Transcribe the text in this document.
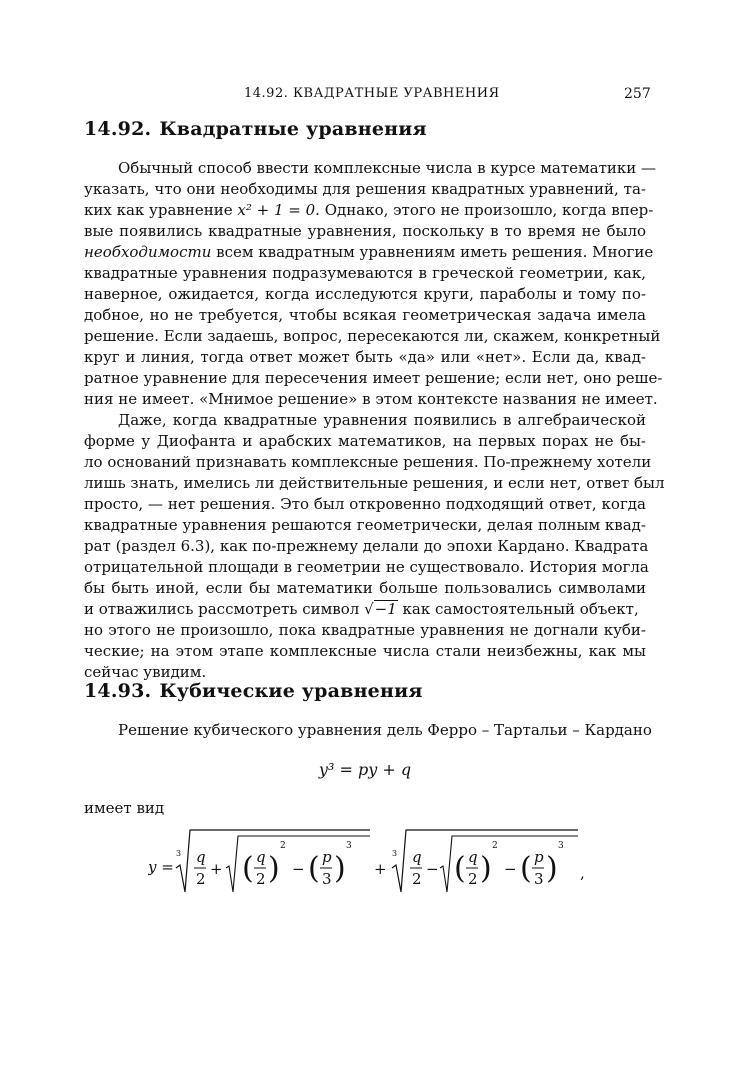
14.92. КВАДРАТНЫЕ УРАВНЕНИЯ	257
14.92. Квадратные уравнения
Обычный способ ввести комплексные числа в курсе математики —
указать, что они необходимы для решения квадратных уравнений, та-
ких как уравнение x² + 1 = 0. Однако, этого не произошло, когда впер-
вые появились квадратные уравнения, поскольку в то время не было
необходимости всем квадратным уравнениям иметь решения. Многие
квадратные уравнения подразумеваются в греческой геометрии, как,
наверное, ожидается, когда исследуются круги, параболы и тому по-
добное, но не требуется, чтобы всякая геометрическая задача имела
решение. Если задаешь, вопрос, пересекаются ли, скажем, конкретный
круг и линия, тогда ответ может быть «да» или «нет». Если да, квад-
ратное уравнение для пересечения имеет решение; если нет, оно реше-
ния не имеет. «Мнимое решение» в этом контексте названия не имеет.
Даже, когда квадратные уравнения появились в алгебраической
форме у Диофанта и арабских математиков, на первых порах не бы-
ло оснований признавать комплексные решения. По-прежнему хотели
лишь знать, имелись ли действительные решения, и если нет, ответ был
просто, — нет решения. Это был откровенно подходящий ответ, когда
квадратные уравнения решаются геометрически, делая полным квад-
рат (раздел 6.3), как по-прежнему делали до эпохи Кардано. Квадрата
отрицательной площади в геометрии не существовало. История могла
бы быть иной, если бы математики больше пользовались символами
и отважились рассмотреть символ √−1 как самостоятельный объект,
но этого не произошло, пока квадратные уравнения не догнали куби-
ческие; на этом этапе комплексные числа стали неизбежны, как мы
сейчас увидим.
14.93. Кубические уравнения
Решение кубического уравнения дель Ферро – Тартальи – Кардано
y³ = py + q
имеет вид
y =
3 q
2
+ ( q
2 )
2
− ( p
3 )
3
+
3 q
2
− ( q
2 )
2
− ( p
3 )
3
,
